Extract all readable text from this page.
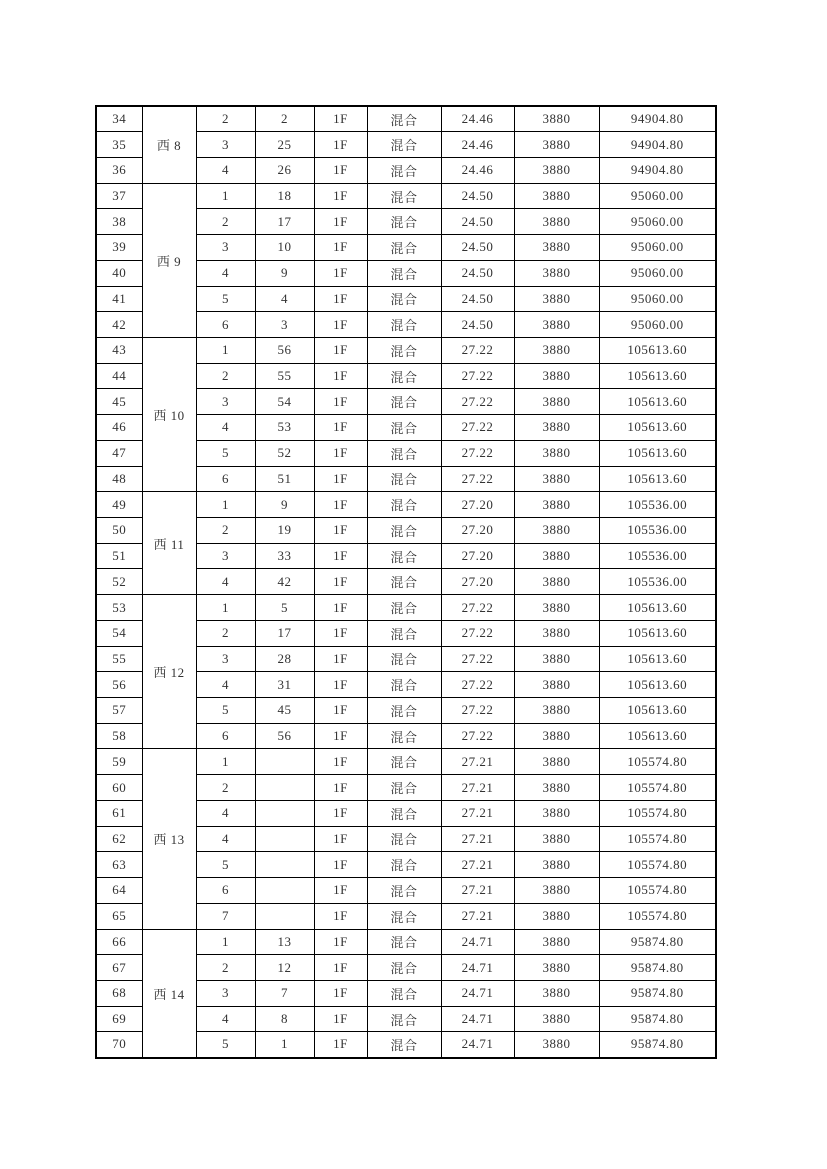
34	西 8	2	2	1F	混合	24.46	3880	94904.80
35		3	25	1F	混合	24.46	3880	94904.80
36		4	26	1F	混合	24.46	3880	94904.80
37	西 9	1	18	1F	混合	24.50	3880	95060.00
38		2	17	1F	混合	24.50	3880	95060.00
39		3	10	1F	混合	24.50	3880	95060.00
40		4	9	1F	混合	24.50	3880	95060.00
41		5	4	1F	混合	24.50	3880	95060.00
42		6	3	1F	混合	24.50	3880	95060.00
43	西 10	1	56	1F	混合	27.22	3880	105613.60
44		2	55	1F	混合	27.22	3880	105613.60
45		3	54	1F	混合	27.22	3880	105613.60
46		4	53	1F	混合	27.22	3880	105613.60
47		5	52	1F	混合	27.22	3880	105613.60
48		6	51	1F	混合	27.22	3880	105613.60
49	西 11	1	9	1F	混合	27.20	3880	105536.00
50		2	19	1F	混合	27.20	3880	105536.00
51		3	33	1F	混合	27.20	3880	105536.00
52		4	42	1F	混合	27.20	3880	105536.00
53	西 12	1	5	1F	混合	27.22	3880	105613.60
54		2	17	1F	混合	27.22	3880	105613.60
55		3	28	1F	混合	27.22	3880	105613.60
56		4	31	1F	混合	27.22	3880	105613.60
57		5	45	1F	混合	27.22	3880	105613.60
58		6	56	1F	混合	27.22	3880	105613.60
59	西 13	1		1F	混合	27.21	3880	105574.80
60		2		1F	混合	27.21	3880	105574.80
61		4		1F	混合	27.21	3880	105574.80
62		4		1F	混合	27.21	3880	105574.80
63		5		1F	混合	27.21	3880	105574.80
64		6		1F	混合	27.21	3880	105574.80
65		7		1F	混合	27.21	3880	105574.80
66	西 14	1	13	1F	混合	24.71	3880	95874.80
67		2	12	1F	混合	24.71	3880	95874.80
68		3	7	1F	混合	24.71	3880	95874.80
69		4	8	1F	混合	24.71	3880	95874.80
70		5	1	1F	混合	24.71	3880	95874.80
